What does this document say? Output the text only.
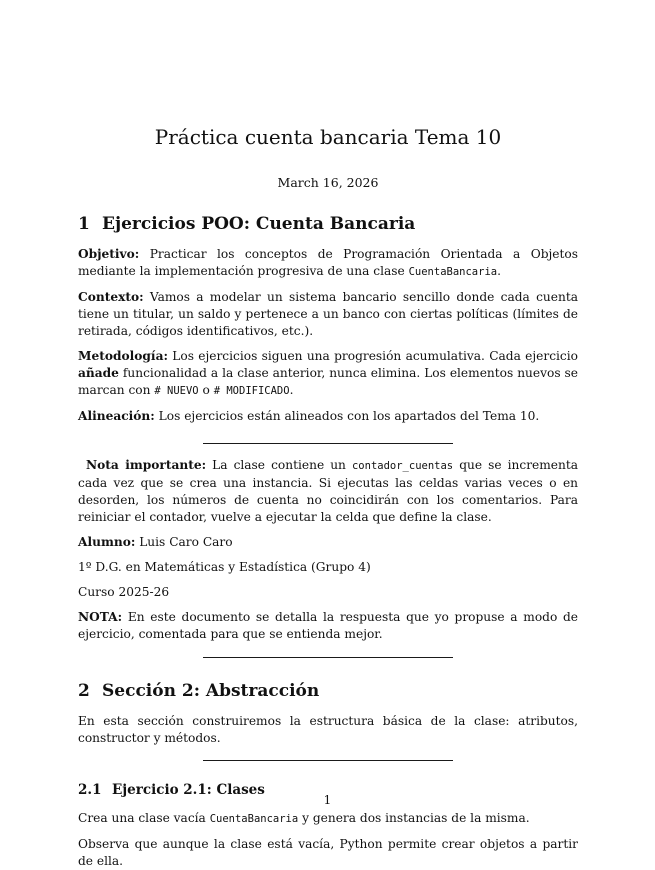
Práctica cuenta bancaria Tema 10
March 16, 2026
1 Ejercicios POO: Cuenta Bancaria

Objetivo: Practicar los conceptos de Programación Orientada a Objetos mediante la implementación progresiva de una clase CuentaBancaria.

Contexto: Vamos a modelar un sistema bancario sencillo donde cada cuenta tiene un titular, un saldo y pertenece a un banco con ciertas políticas (límites de retirada, códigos identificativos, etc.).

Metodología: Los ejercicios siguen una progresión acumulativa. Cada ejercicio añade funcionalidad a la clase anterior, nunca elimina. Los elementos nuevos se marcan con # NUEVO o # MODIFICADO.

Alineación: Los ejercicios están alineados con los apartados del Tema 10.

Nota importante: La clase contiene un contador_cuentas que se incrementa cada vez que se crea una instancia. Si ejecutas las celdas varias veces o en desorden, los números de cuenta no coincidirán con los comentarios. Para reiniciar el contador, vuelve a ejecutar la celda que define la clase.

Alumno: Luis Caro Caro

1º D.G. en Matemáticas y Estadística (Grupo 4)

Curso 2025-26

NOTA: En este documento se detalla la respuesta que yo propuse a modo de ejercicio, comentada para que se entienda mejor.

2 Sección 2: Abstracción

En esta sección construiremos la estructura básica de la clase: atributos, constructor y métodos.

2.1 Ejercicio 2.1: Clases

Crea una clase vacía CuentaBancaria y genera dos instancias de la misma.

Observa que aunque la clase está vacía, Python permite crear objetos a partir de ella.

1
